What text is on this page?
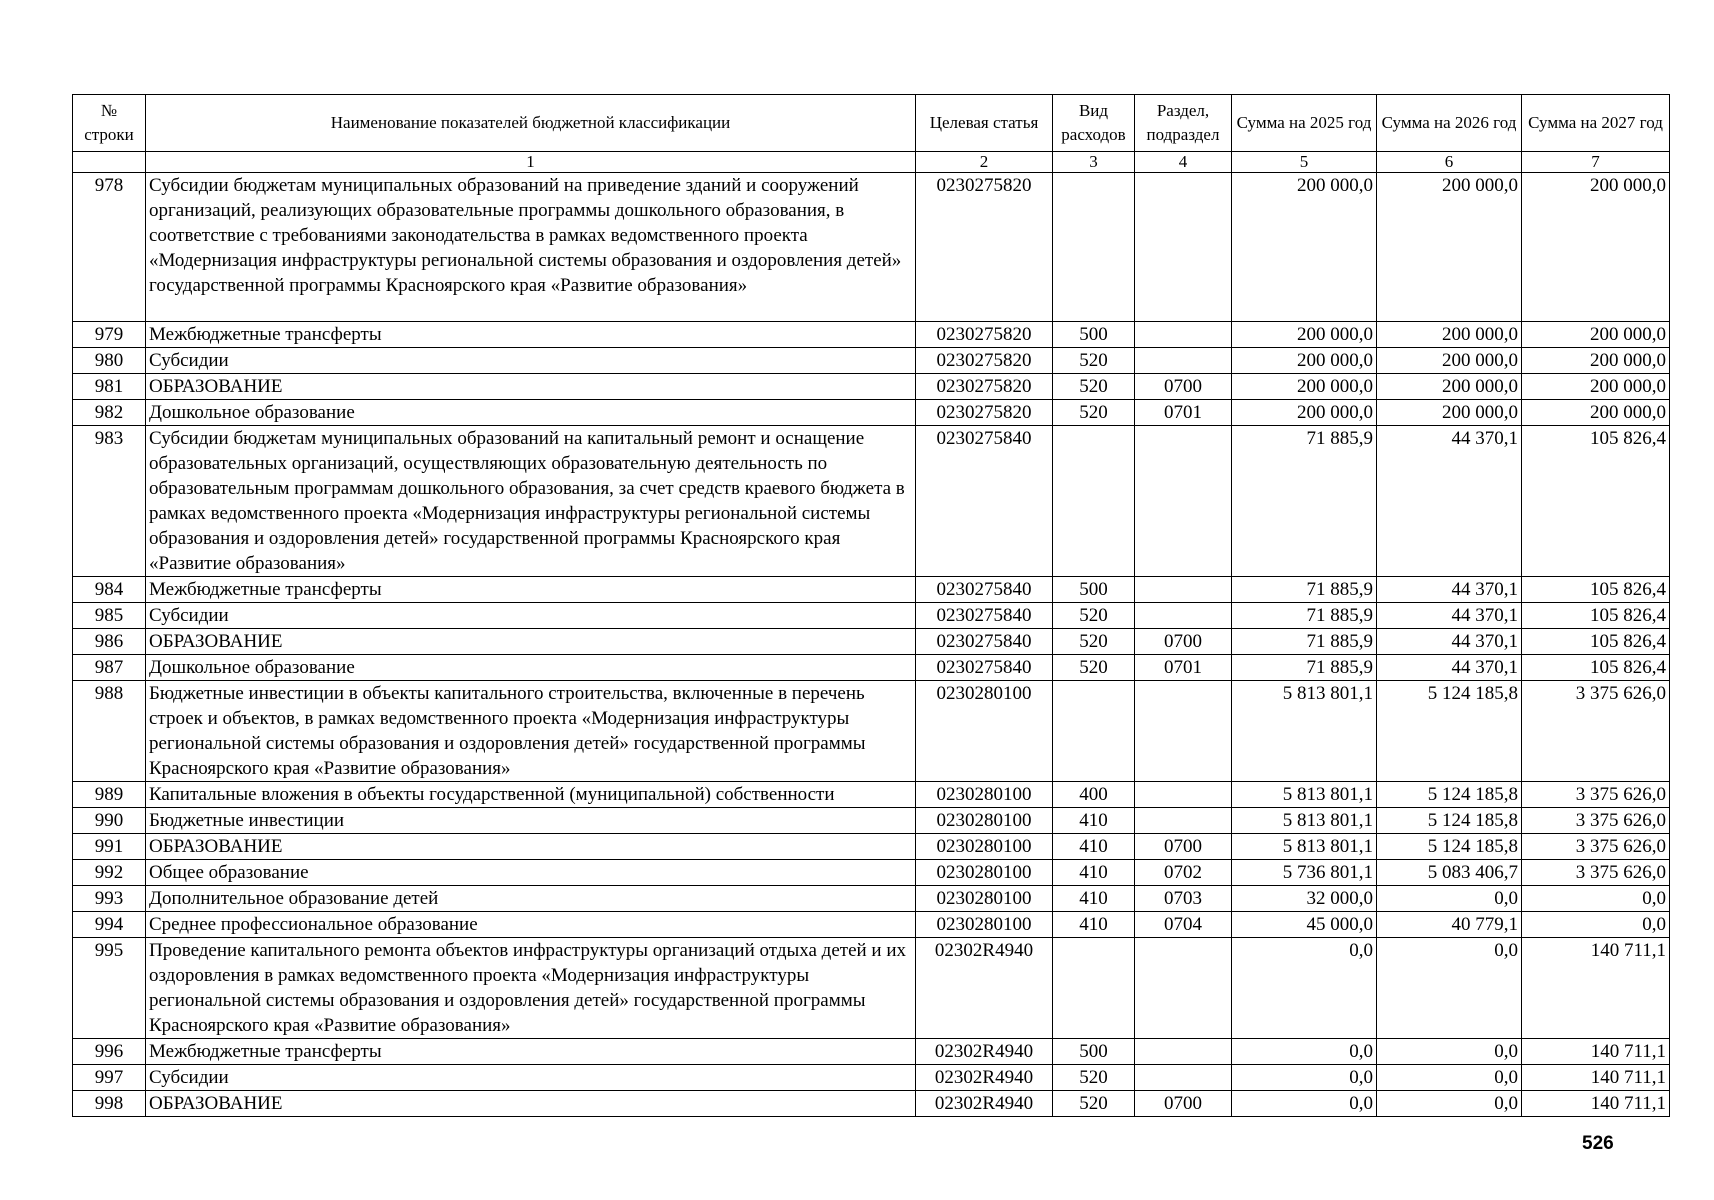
№ строки	Наименование показателей бюджетной классификации	Целевая статья	Вид расходов	Раздел, подраздел	Сумма на 2025 год	Сумма на 2026 год	Сумма на 2027 год
	1	2	3	4	5	6	7
978	Субсидии бюджетам муниципальных образований на приведение зданий и сооружений организаций, реализующих образовательные программы дошкольного образования, в соответствие с требованиями законодательства в рамках ведомственного проекта «Модернизация инфраструктуры региональной системы образования и оздоровления детей» государственной программы Красноярского края «Развитие образования»	0230275820			200 000,0	200 000,0	200 000,0
979	Межбюджетные трансферты	0230275820	500		200 000,0	200 000,0	200 000,0
980	Субсидии	0230275820	520		200 000,0	200 000,0	200 000,0
981	ОБРАЗОВАНИЕ	0230275820	520	0700	200 000,0	200 000,0	200 000,0
982	Дошкольное образование	0230275820	520	0701	200 000,0	200 000,0	200 000,0
983	Субсидии бюджетам муниципальных образований на капитальный ремонт и оснащение образовательных организаций, осуществляющих образовательную деятельность по образовательным программам дошкольного образования, за счет средств краевого бюджета в рамках ведомственного проекта «Модернизация инфраструктуры региональной системы образования и оздоровления детей» государственной программы Красноярского края «Развитие образования»	0230275840			71 885,9	44 370,1	105 826,4
984	Межбюджетные трансферты	0230275840	500		71 885,9	44 370,1	105 826,4
985	Субсидии	0230275840	520		71 885,9	44 370,1	105 826,4
986	ОБРАЗОВАНИЕ	0230275840	520	0700	71 885,9	44 370,1	105 826,4
987	Дошкольное образование	0230275840	520	0701	71 885,9	44 370,1	105 826,4
988	Бюджетные инвестиции в объекты капитального строительства, включенные в перечень строек и объектов, в рамках ведомственного проекта «Модернизация инфраструктуры региональной системы образования и оздоровления детей» государственной программы Красноярского края «Развитие образования»	0230280100			5 813 801,1	5 124 185,8	3 375 626,0
989	Капитальные вложения в объекты государственной (муниципальной) собственности	0230280100	400		5 813 801,1	5 124 185,8	3 375 626,0
990	Бюджетные инвестиции	0230280100	410		5 813 801,1	5 124 185,8	3 375 626,0
991	ОБРАЗОВАНИЕ	0230280100	410	0700	5 813 801,1	5 124 185,8	3 375 626,0
992	Общее образование	0230280100	410	0702	5 736 801,1	5 083 406,7	3 375 626,0
993	Дополнительное образование детей	0230280100	410	0703	32 000,0	0,0	0,0
994	Среднее профессиональное образование	0230280100	410	0704	45 000,0	40 779,1	0,0
995	Проведение капитального ремонта объектов инфраструктуры организаций отдыха детей и их оздоровления в рамках ведомственного проекта «Модернизация инфраструктуры региональной системы образования и оздоровления детей» государственной программы Красноярского края «Развитие образования»	02302R4940			0,0	0,0	140 711,1
996	Межбюджетные трансферты	02302R4940	500		0,0	0,0	140 711,1
997	Субсидии	02302R4940	520		0,0	0,0	140 711,1
998	ОБРАЗОВАНИЕ	02302R4940	520	0700	0,0	0,0	140 711,1
526
